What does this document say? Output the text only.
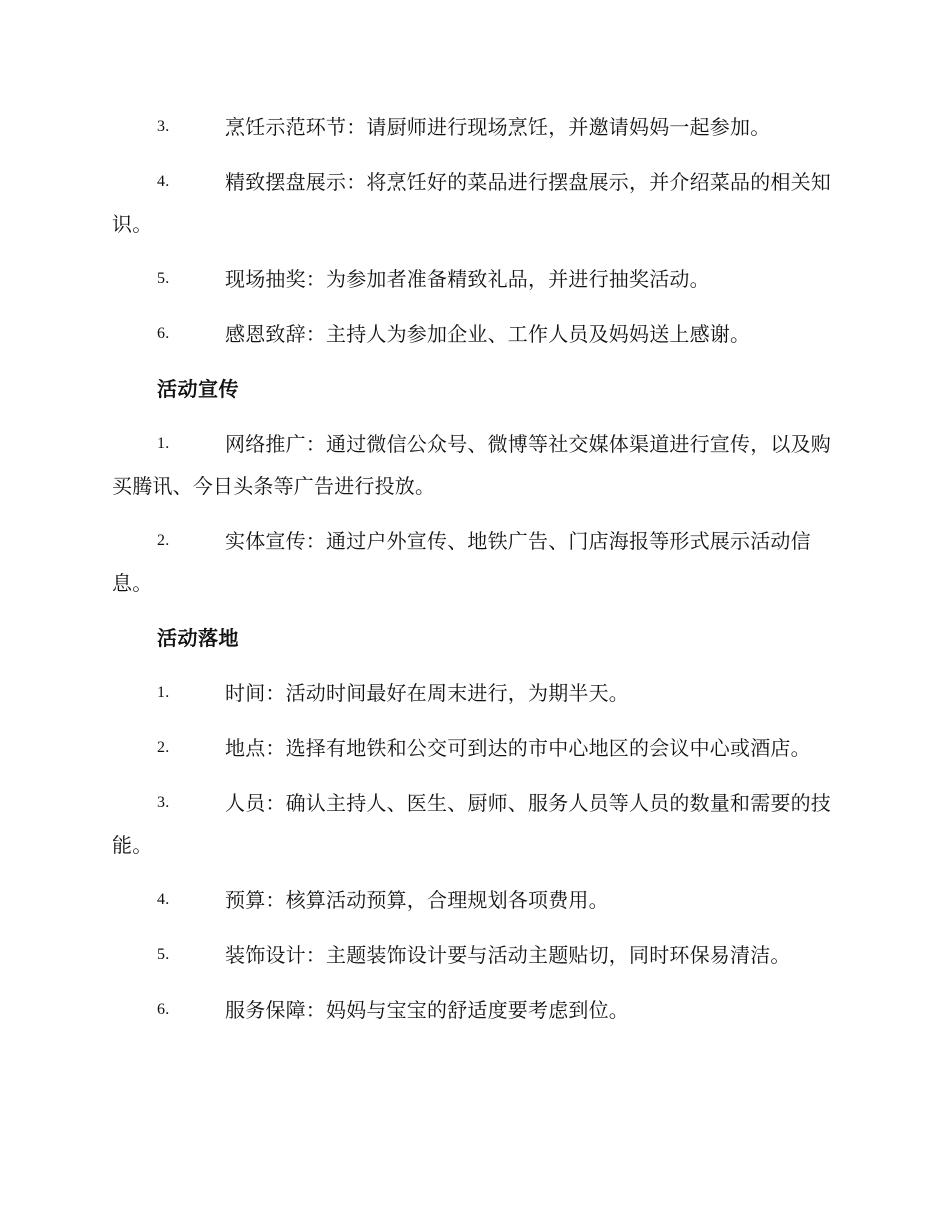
3.	烹饪示范环节：请厨师进行现场烹饪，并邀请妈妈一起参加。
4.	精致摆盘展示：将烹饪好的菜品进行摆盘展示，并介绍菜品的相关知识。
5.	现场抽奖：为参加者准备精致礼品，并进行抽奖活动。
6.	感恩致辞：主持人为参加企业、工作人员及妈妈送上感谢。
活动宣传
1.	网络推广：通过微信公众号、微博等社交媒体渠道进行宣传，以及购买腾讯、今日头条等广告进行投放。
2.	实体宣传：通过户外宣传、地铁广告、门店海报等形式展示活动信息。
活动落地
1.	时间：活动时间最好在周末进行，为期半天。
2.	地点：选择有地铁和公交可到达的市中心地区的会议中心或酒店。
3.	人员：确认主持人、医生、厨师、服务人员等人员的数量和需要的技能。
4.	预算：核算活动预算，合理规划各项费用。
5.	装饰设计：主题装饰设计要与活动主题贴切，同时环保易清洁。
6.	服务保障：妈妈与宝宝的舒适度要考虑到位。
